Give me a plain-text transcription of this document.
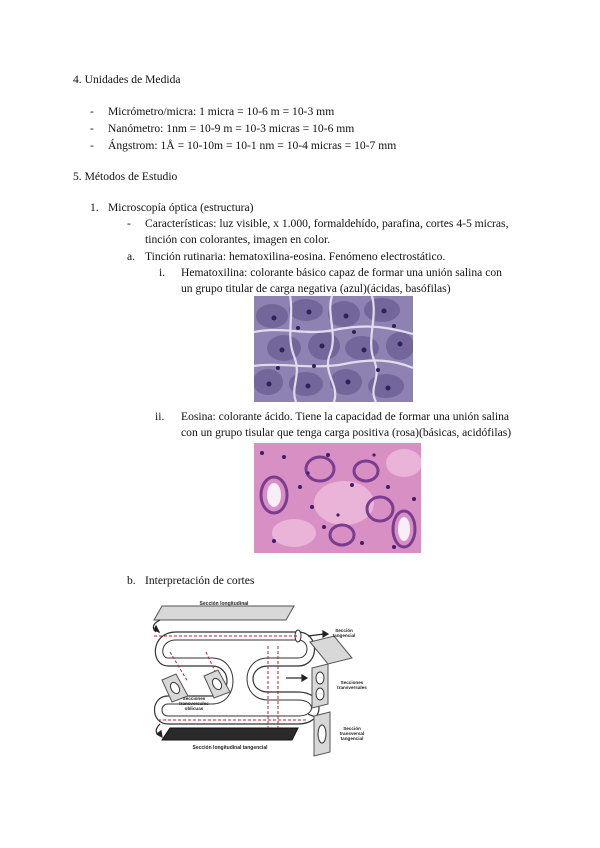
4. Unidades de Medida
- Micrómetro/micra: 1 micra = 10-6 m = 10-3 mm
- Nanómetro: 1nm = 10-9 m = 10-3 micras = 10-6 mm
- Ángstrom: 1Å = 10-10m = 10-1 nm = 10-4 micras = 10-7 mm
5. Métodos de Estudio
1. Microscopía óptica (estructura)
- Características: luz visible, x 1.000, formaldehído, parafina, cortes 4-5 micras,
tinción con colorantes, imagen en color.
a. Tinción rutinaria: hematoxilina-eosina. Fenómeno electrostático.
i. Hematoxilina: colorante básico capaz de formar una unión salina con
un grupo titular de carga negativa (azul)(ácidas, basófilas)
ii. Eosina: colorante ácido. Tiene la capacidad de formar una unión salina
con un grupo tisular que tenga carga positiva (rosa)(básicas, acidófilas)
b. Interpretación de cortes
Sección longitudinal
Sección longitudinal tangencial
Sección
tangencial
Secciones
transversales
Sección
transversal
tangencial
Secciones
transversales
oblicuas
